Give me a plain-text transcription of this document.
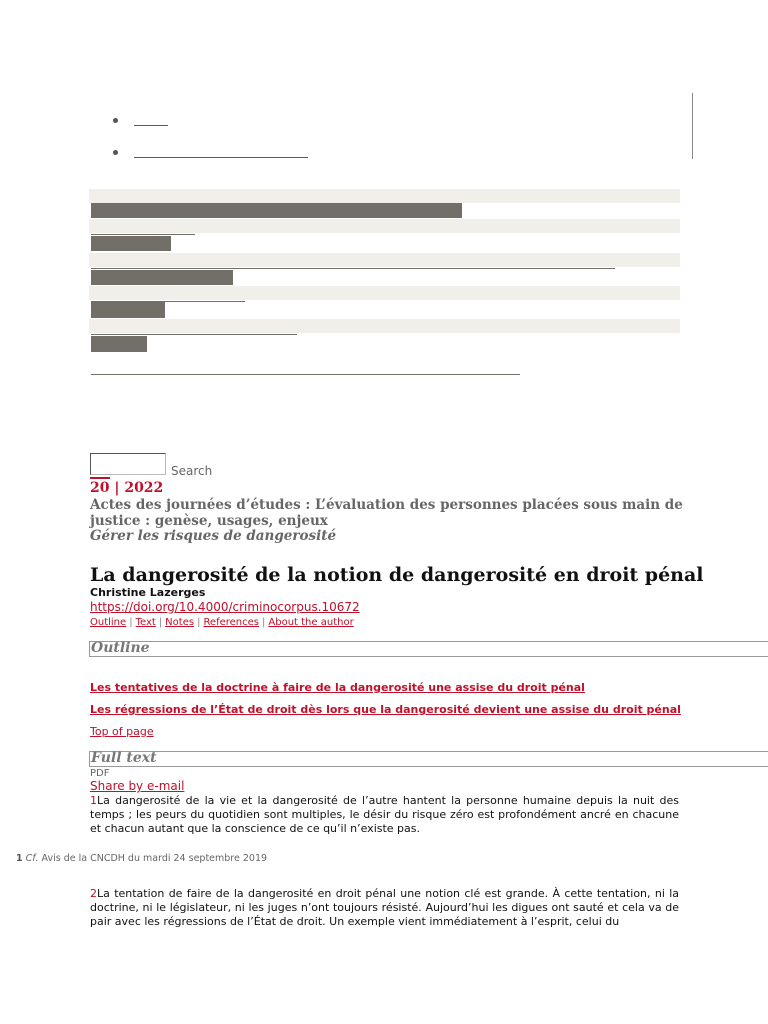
Search
20 | 2022
Actes des journées d’études : L’évaluation des personnes placées sous main de justice : genèse, usages, enjeux
Gérer les risques de dangerosité
La dangerosité de la notion de dangerosité en droit pénal
Christine Lazerges
https://doi.org/10.4000/criminocorpus.10672
Outline | Text | Notes | References | About the author
Outline
Les tentatives de la doctrine à faire de la dangerosité une assise du droit pénal
Les régressions de l’État de droit dès lors que la dangerosité devient une assise du droit pénal
Top of page
Full text
PDF
Share by e-mail
1La dangerosité de la vie et la dangerosité de l’autre hantent la personne humaine depuis la nuit des temps ; les peurs du quotidien sont multiples, le désir du risque zéro est profondément ancré en chacune et chacun autant que la conscience de ce qu’il n’existe pas.
1 Cf. Avis de la CNCDH du mardi 24 septembre 2019
2La tentation de faire de la dangerosité en droit pénal une notion clé est grande. À cette tentation, ni la doctrine, ni le législateur, ni les juges n’ont toujours résisté. Aujourd’hui les digues ont sauté et cela va de pair avec les régressions de l’État de droit. Un exemple vient immédiatement à l’esprit, celui du
